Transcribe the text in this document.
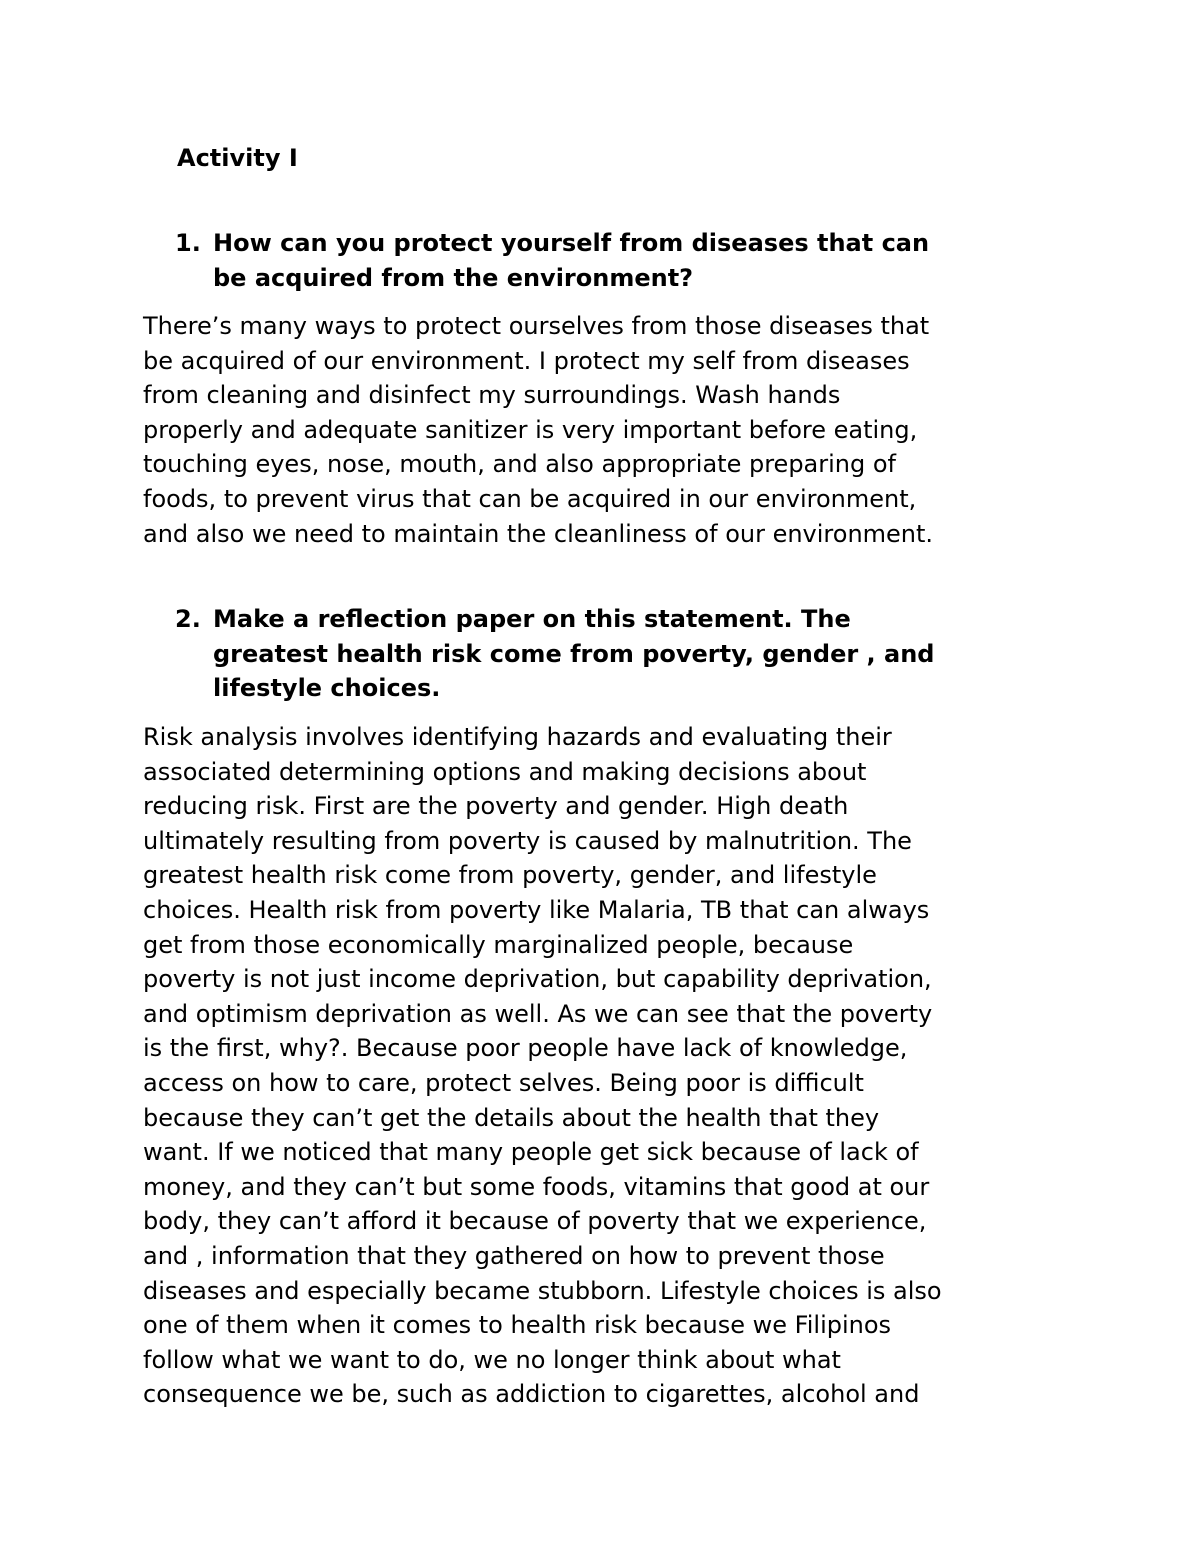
Activity I
1. How can you protect yourself from diseases that can
be acquired from the environment?
There’s many ways to protect ourselves from those diseases that
be acquired of our environment. I protect my self from diseases
from cleaning and disinfect my surroundings. Wash hands
properly and adequate sanitizer is very important before eating,
touching eyes, nose, mouth, and also appropriate preparing of
foods, to prevent virus that can be acquired in our environment,
and also we need to maintain the cleanliness of our environment.
2. Make a reflection paper on this statement. The
greatest health risk come from poverty, gender , and
lifestyle choices.
Risk analysis involves identifying hazards and evaluating their
associated determining options and making decisions about
reducing risk. First are the poverty and gender. High death
ultimately resulting from poverty is caused by malnutrition. The
greatest health risk come from poverty, gender, and lifestyle
choices. Health risk from poverty like Malaria, TB that can always
get from those economically marginalized people, because
poverty is not just income deprivation, but capability deprivation,
and optimism deprivation as well. As we can see that the poverty
is the first, why?. Because poor people have lack of knowledge,
access on how to care, protect selves. Being poor is difficult
because they can’t get the details about the health that they
want. If we noticed that many people get sick because of lack of
money, and they can’t but some foods, vitamins that good at our
body, they can’t afford it because of poverty that we experience,
and , information that they gathered on how to prevent those
diseases and especially became stubborn. Lifestyle choices is also
one of them when it comes to health risk because we Filipinos
follow what we want to do, we no longer think about what
consequence we be, such as addiction to cigarettes, alcohol and
